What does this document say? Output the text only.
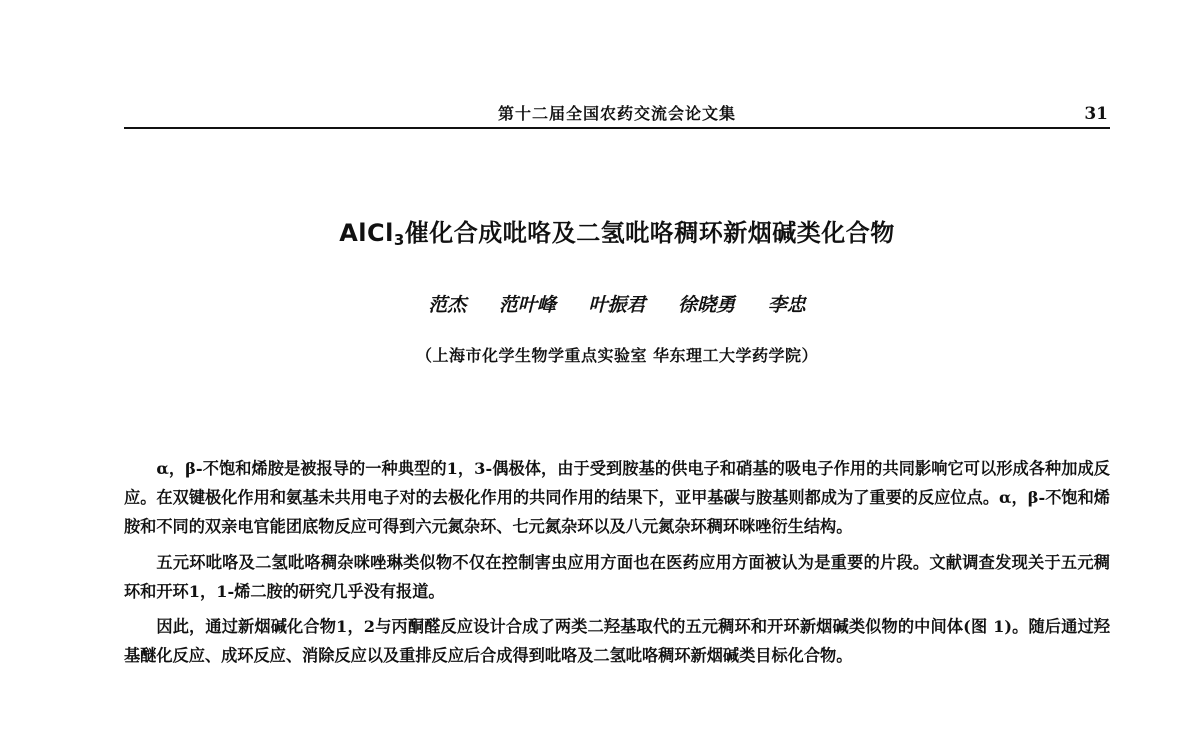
第十二届全国农药交流会论文集	31
AlCl$_3$催化合成吡咯及二氢吡咯稠环新烟碱类化合物
范杰 范叶峰 叶振君 徐晓勇 李忠
（上海市化学生物学重点实验室 华东理工大学药学院）

α，β-不饱和烯胺是被报导的一种典型的1，3-偶极体，由于受到胺基的供电子和硝基的吸电子作用的共同影响它可以形成各种加成反应。在双键极化作用和氨基未共用电子对的去极化作用的共同作用的结果下，亚甲基碳与胺基则都成为了重要的反应位点。α，β-不饱和烯胺和不同的双亲电官能团底物反应可得到六元氮杂环、七元氮杂环以及八元氮杂环稠环咪唑衍生结构。

五元环吡咯及二氢吡咯稠杂咪唑琳类似物不仅在控制害虫应用方面也在医药应用方面被认为是重要的片段。文献调查发现关于五元稠环和开环1，1-烯二胺的研究几乎没有报道。

因此，通过新烟碱化合物1，2与丙酮醛反应设计合成了两类二羟基取代的五元稠环和开环新烟碱类似物的中间体(图 1)。随后通过羟基醚化反应、成环反应、消除反应以及重排反应后合成得到吡咯及二氢吡咯稠环新烟碱类目标化合物。
